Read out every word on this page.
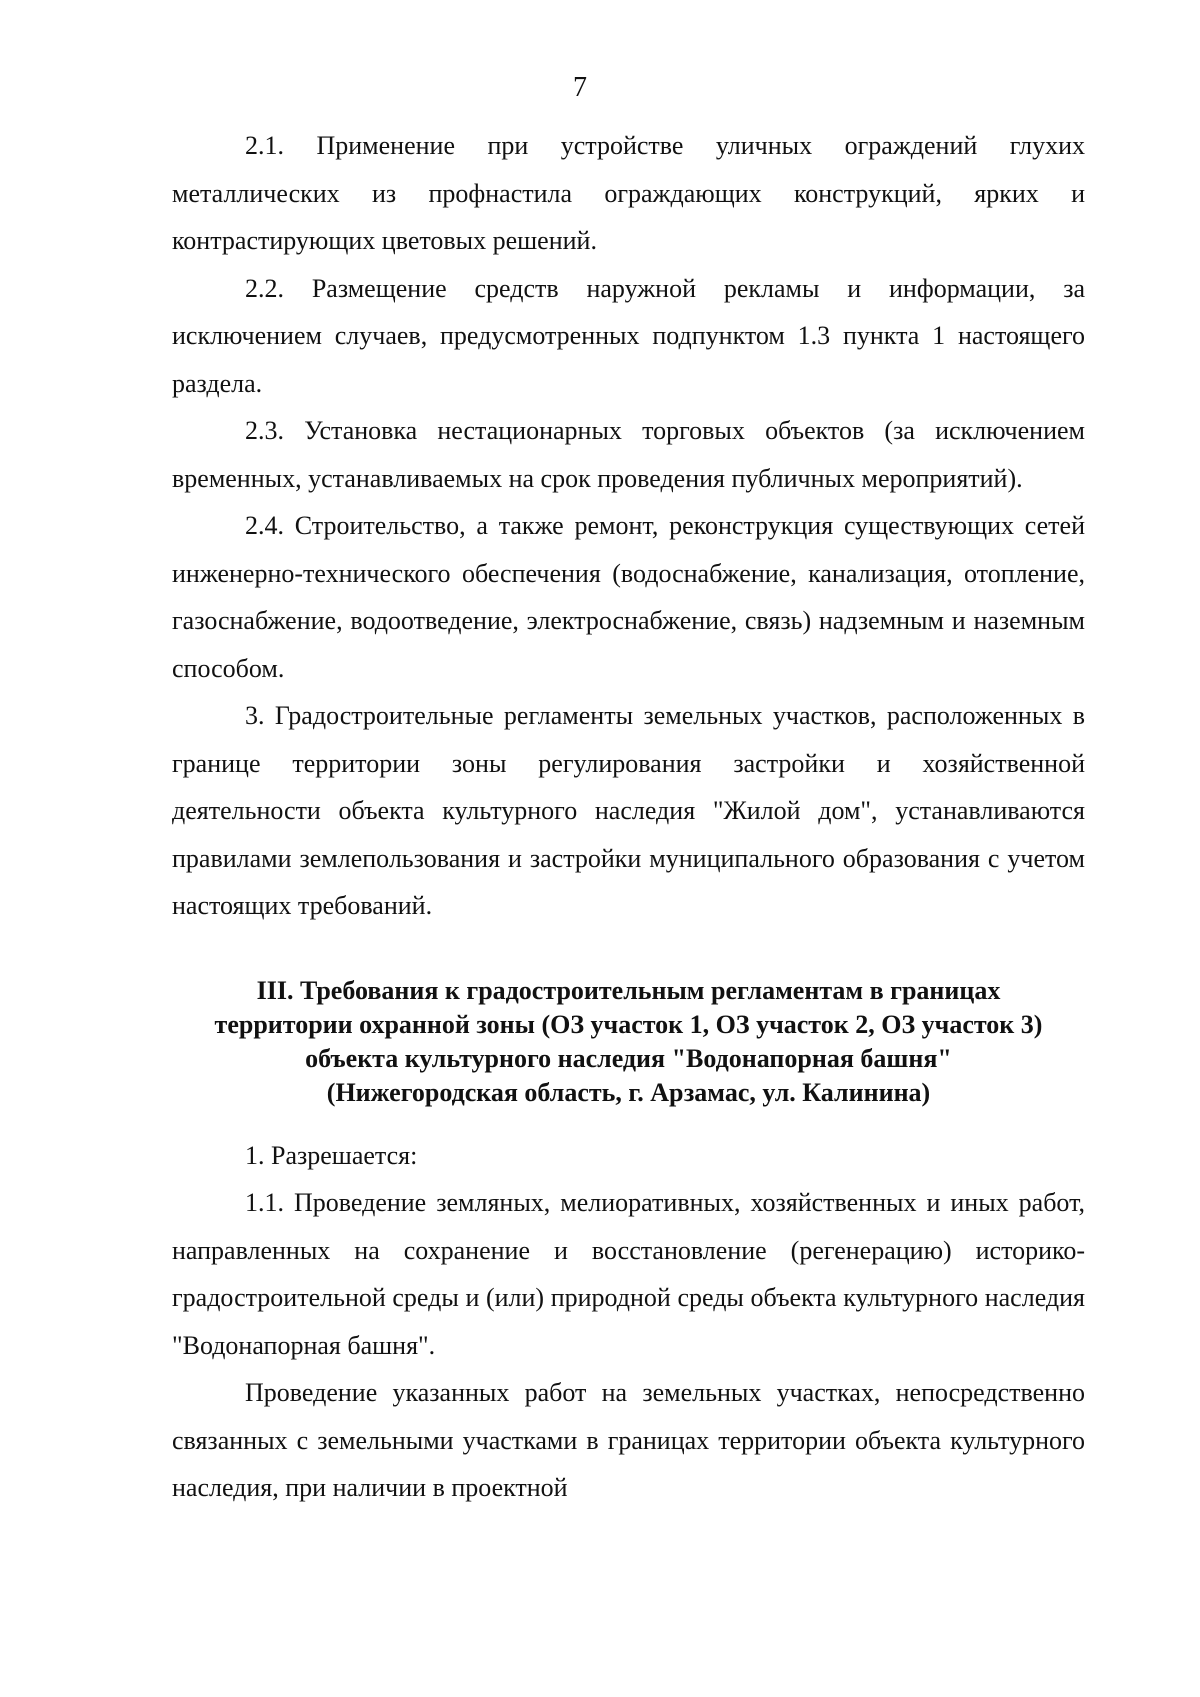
7

2.1. Применение при устройстве уличных ограждений глухих металлических из профнастила ограждающих конструкций, ярких и контрастирующих цветовых решений.

2.2. Размещение средств наружной рекламы и информации, за исключением случаев, предусмотренных подпунктом 1.3 пункта 1 настоящего раздела.

2.3. Установка нестационарных торговых объектов (за исключением временных, устанавливаемых на срок проведения публичных мероприятий).

2.4. Строительство, а также ремонт, реконструкция существующих сетей инженерно-технического обеспечения (водоснабжение, канализация, отопление, газоснабжение, водоотведение, электроснабжение, связь) надземным и наземным способом.

3. Градостроительные регламенты земельных участков, расположенных в границе территории зоны регулирования застройки и хозяйственной деятельности объекта культурного наследия "Жилой дом", устанавливаются правилами землепользования и застройки муниципального образования с учетом настоящих требований.

III. Требования к градостроительным регламентам в границах
территории охранной зоны (ОЗ участок 1, ОЗ участок 2, ОЗ участок 3)
объекта культурного наследия "Водонапорная башня"
(Нижегородская область, г. Арзамас, ул. Калинина)

1. Разрешается:

1.1. Проведение земляных, мелиоративных, хозяйственных и иных работ, направленных на сохранение и восстановление (регенерацию) историко-градостроительной среды и (или) природной среды объекта культурного наследия "Водонапорная башня".

Проведение указанных работ на земельных участках, непосредственно связанных с земельными участками в границах территории объекта культурного наследия, при наличии в проектной
